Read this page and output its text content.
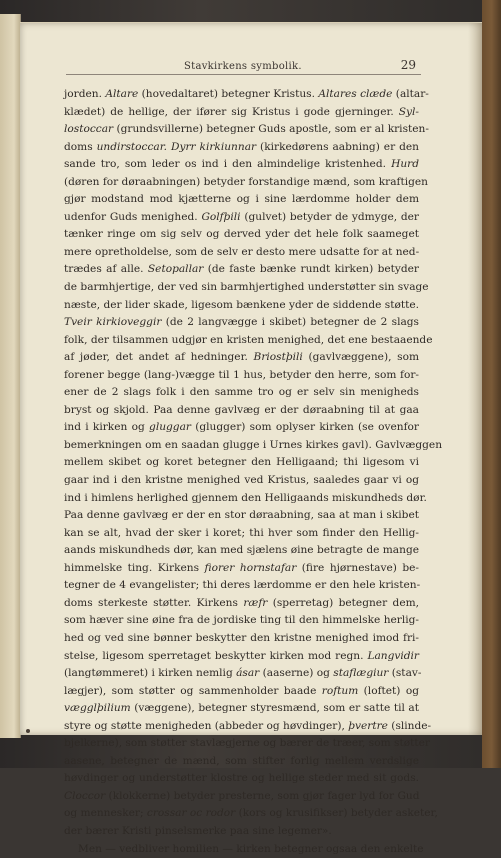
Stavkirkens symbolik.	29
jorden. Altare (hovedaltaret) betegner Kristus. Altares clæde (altar-
klædet) de hellige, der ifører sig Kristus i gode gjerninger. Syl-
lostoccar (grundsvillerne) betegner Guds apostle, som er al kristen-
doms undirstoccar. Dyrr kirkiunnar (kirkedørens aabning) er den
sande tro, som leder os ind i den almindelige kristenhed. Hurd
(døren for døraabningen) betyder forstandige mænd, som kraftigen
gjør modstand mod kjætterne og i sine lærdomme holder dem
udenfor Guds menighed. Golfþili (gulvet) betyder de ydmyge, der
tænker ringe om sig selv og derved yder det hele folk saameget
mere opretholdelse, som de selv er desto mere udsatte for at ned-
trædes af alle. Setopallar (de faste bænke rundt kirken) betyder
de barmhjertige, der ved sin barmhjertighed understøtter sin svage
næste, der lider skade, ligesom bænkene yder de siddende støtte.
Tveir kirkioveggir (de 2 langvægge i skibet) betegner de 2 slags
folk, der tilsammen udgjør en kristen menighed, det ene bestaaende
af jøder, det andet af hedninger. Briostþili (gavlvæggene), som
forener begge (lang-)vægge til 1 hus, betyder den herre, som for-
ener de 2 slags folk i den samme tro og er selv sin menigheds
bryst og skjold. Paa denne gavlvæg er der døraabning til at gaa
ind i kirken og gluggar (glugger) som oplyser kirken (se ovenfor
bemerkningen om en saadan glugge i Urnes kirkes gavl). Gavlvæggen
mellem skibet og koret betegner den Helligaand; thi ligesom vi
gaar ind i den kristne menighed ved Kristus, saaledes gaar vi og
ind i himlens herlighed gjennem den Helligaands miskundheds dør.
Paa denne gavlvæg er der en stor døraabning, saa at man i skibet
kan se alt, hvad der sker i koret; thi hver som finder den Hellig-
aands miskundheds dør, kan med sjælens øine betragte de mange
himmelske ting. Kirkens fiorer hornstafar (fire hjørnestave) be-
tegner de 4 evangelister; thi deres lærdomme er den hele kristen-
doms sterkeste støtter. Kirkens ræfr (sperretag) betegner dem,
som hæver sine øine fra de jordiske ting til den himmelske herlig-
hed og ved sine bønner beskytter den kristne menighed imod fri-
stelse, ligesom sperretaget beskytter kirken mod regn. Langvidir
(langtømmeret) i kirken nemlig ásar (aaserne) og staflægiur (stav-
lægjer), som støtter og sammenholder baade roftum (loftet) og
vægglþilium (væggene), betegner styresmænd, som er satte til at
styre og støtte menigheden (abbeder og høvdinger), þvertre (slinde-
bjelkerne), som støtter stavlægjerne og bærer de træer, som støtter
aasene, betegner de mænd, som stifter forlig mellem verdslige
høvdinger og understøtter klostre og hellige steder med sit gods.
Cloccor (klokkerne) betyder presterne, som gjør fager lyd for Gud
og mennesker; crossar oc rodor (kors og krusifikser) betyder asketer,
der bærer Kristi pinselsmerke paa sine legemer».
Men — vedbliver homilien — kirken betegner ogsaa den enkelte
